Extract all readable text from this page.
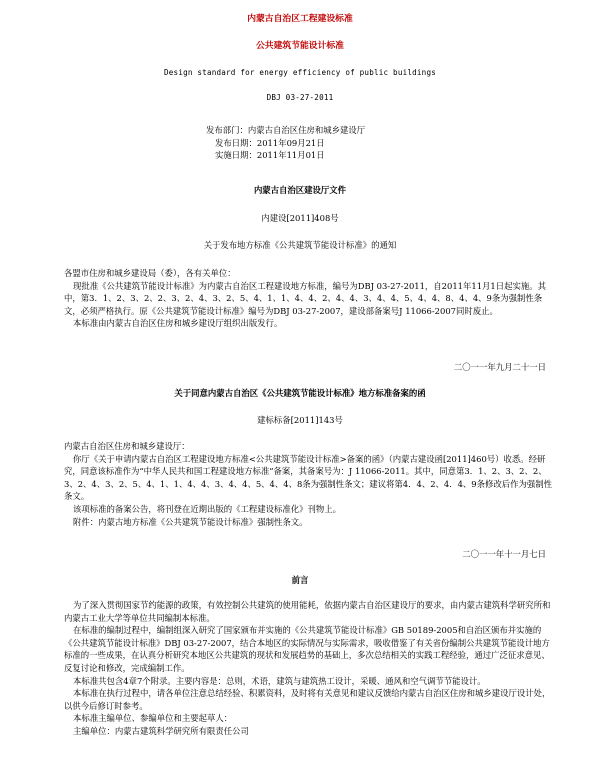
内蒙古自治区工程建设标准
公共建筑节能设计标准
Design standard for energy efficiency of public buildings
DBJ 03-27-2011
发布部门：内蒙古自治区住房和城乡建设厅
发布日期：2011年09月21日
实施日期：2011年11月01日
内蒙古自治区建设厅文件
内建设[2011]408号
关于发布地方标准《公共建筑节能设计标准》的通知

各盟市住房和城乡建设局（委），各有关单位：

现批准《公共建筑节能设计标准》为内蒙古自治区工程建设地方标准，编号为DBJ 03-27-2011，自2011年11月1日起实施。其中，第3．1、2、3、2、2、3、2、4、3、2、5、4、1、1、4、4、2、4、4、3、4、4、5、4、4、8、4、4、9条为强制性条文，必须严格执行。原《公共建筑节能设计标准》编号为DBJ 03-27-2007，建设部备案号J 11066-2007同时废止。

本标准由内蒙古自治区住房和城乡建设厅组织出版发行。

二〇一一年九月二十一日
关于同意内蒙古自治区《公共建筑节能设计标准》地方标准备案的函
建标标备[2011]143号

内蒙古自治区住房和城乡建设厅：

你厅《关于申请内蒙古自治区工程建设地方标准<公共建筑节能设计标准>备案的函》（内蒙古建设函[2011]460号）收悉。经研究，同意该标准作为“中华人民共和国工程建设地方标准”备案，其备案号为：J 11066-2011。其中，同意第3．1、2、3、2、2、3、2、4、3、2、5、4、1、1、4、4、3、4、4、5、4、4、8条为强制性条文；建议将第4．4、2、4．4、9条修改后作为强制性条文。

该项标准的备案公告，将刊登在近期出版的《工程建设标准化》刊物上。

附件：内蒙古地方标准《公共建筑节能设计标准》强制性条文。

二〇一一年十一月七日
前言

为了深入贯彻国家节约能源的政策，有效控制公共建筑的使用能耗，依据内蒙古自治区建设厅的要求，由内蒙古建筑科学研究所和内蒙古工业大学等单位共同编制本标准。

在标准的编制过程中，编制组深入研究了国家颁布并实施的《公共建筑节能设计标准》GB 50189-2005和自治区颁布并实施的《公共建筑节能设计标准》DBJ 03-27-2007，结合本地区的实际情况与实际需求，吸收借鉴了有关省份编制公共建筑节能设计地方标准的一些成果，在认真分析研究本地区公共建筑的现状和发展趋势的基础上，多次总结相关的实践工程经验，通过广泛征求意见、反复讨论和修改，完成编制工作。

本标准共包含4章7个附录。主要内容是：总则，术语，建筑与建筑热工设计，采暖、通风和空气调节节能设计。

本标准在执行过程中，请各单位注意总结经验、积累资料，及时将有关意见和建议反馈给内蒙古自治区住房和城乡建设厅设计处，以供今后修订时参考。

本标准主编单位、参编单位和主要起草人：

主编单位：内蒙古建筑科学研究所有限责任公司
